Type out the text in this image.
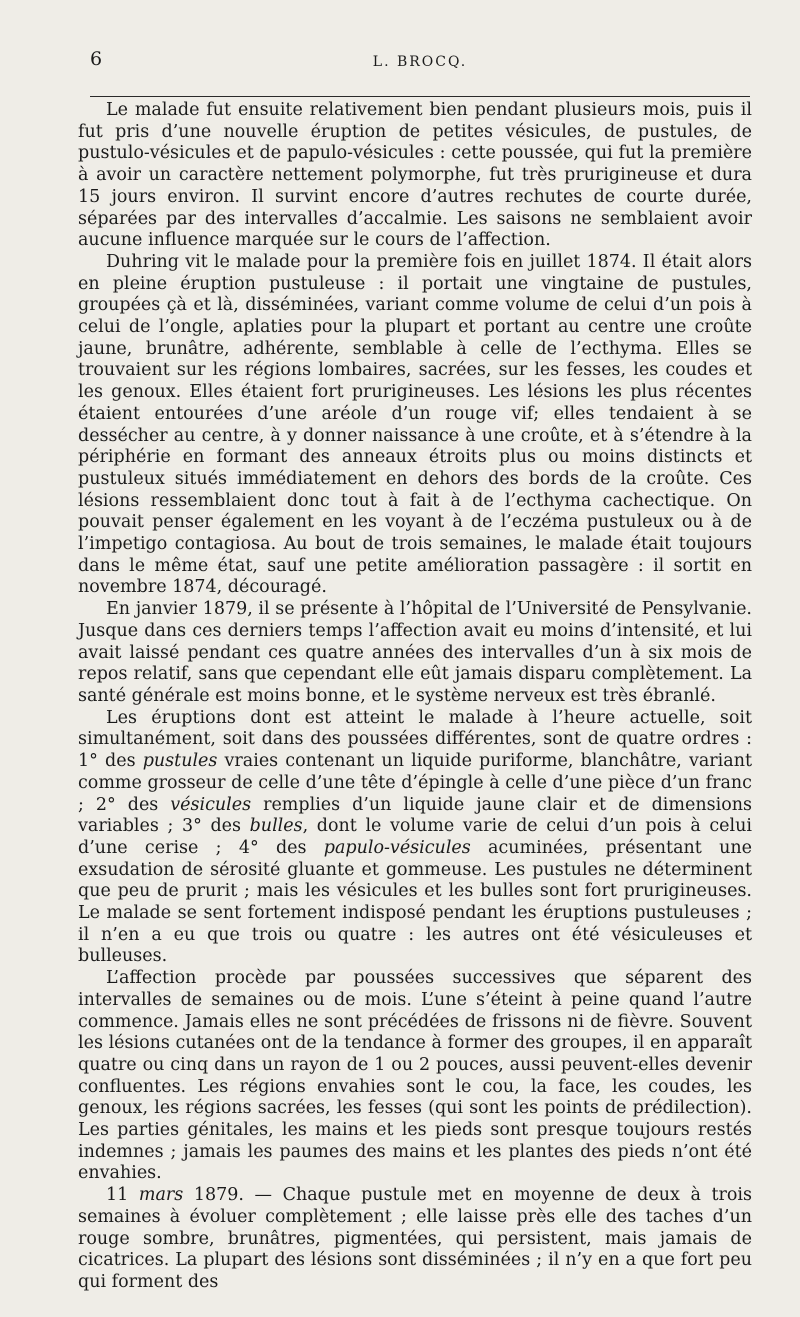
6	L. BROCQ.

Le malade fut ensuite relativement bien pendant plusieurs mois, puis il fut pris d’une nouvelle éruption de petites vésicules, de pustules, de pustulo-vésicules et de papulo-vésicules : cette poussée, qui fut la première à avoir un caractère nettement polymorphe, fut très prurigineuse et dura 15 jours environ. Il survint encore d’autres rechutes de courte durée, séparées par des intervalles d’accalmie. Les saisons ne semblaient avoir aucune influence marquée sur le cours de l’affection.

Duhring vit le malade pour la première fois en juillet 1874. Il était alors en pleine éruption pustuleuse : il portait une vingtaine de pustules, groupées çà et là, disséminées, variant comme volume de celui d’un pois à celui de l’ongle, aplaties pour la plupart et portant au centre une croûte jaune, brunâtre, adhérente, semblable à celle de l’ecthyma. Elles se trouvaient sur les régions lombaires, sacrées, sur les fesses, les coudes et les genoux. Elles étaient fort prurigineuses. Les lésions les plus récentes étaient entourées d’une aréole d’un rouge vif; elles tendaient à se dessécher au centre, à y donner naissance à une croûte, et à s’étendre à la périphérie en formant des anneaux étroits plus ou moins distincts et pustuleux situés immédiatement en dehors des bords de la croûte. Ces lésions ressemblaient donc tout à fait à de l’ecthyma cachectique. On pouvait penser également en les voyant à de l’eczéma pustuleux ou à de l’impetigo contagiosa. Au bout de trois semaines, le malade était toujours dans le même état, sauf une petite amélioration passagère : il sortit en novembre 1874, découragé.

En janvier 1879, il se présente à l’hôpital de l’Université de Pensylvanie. Jusque dans ces derniers temps l’affection avait eu moins d’intensité, et lui avait laissé pendant ces quatre années des intervalles d’un à six mois de repos relatif, sans que cependant elle eût jamais disparu complètement. La santé générale est moins bonne, et le système nerveux est très ébranlé.

Les éruptions dont est atteint le malade à l’heure actuelle, soit simultanément, soit dans des poussées différentes, sont de quatre ordres : 1° des pustules vraies contenant un liquide puriforme, blanchâtre, variant comme grosseur de celle d’une tête d’épingle à celle d’une pièce d’un franc ; 2° des vésicules remplies d’un liquide jaune clair et de dimensions variables ; 3° des bulles, dont le volume varie de celui d’un pois à celui d’une cerise ; 4° des papulo-vésicules acuminées, présentant une exsudation de sérosité gluante et gommeuse. Les pustules ne déterminent que peu de prurit ; mais les vésicules et les bulles sont fort prurigineuses. Le malade se sent fortement indisposé pendant les éruptions pustuleuses ; il n’en a eu que trois ou quatre : les autres ont été vésiculeuses et bulleuses.

L’affection procède par poussées successives que séparent des intervalles de semaines ou de mois. L’une s’éteint à peine quand l’autre commence. Jamais elles ne sont précédées de frissons ni de fièvre. Souvent les lésions cutanées ont de la tendance à former des groupes, il en apparaît quatre ou cinq dans un rayon de 1 ou 2 pouces, aussi peuvent-elles devenir confluentes. Les régions envahies sont le cou, la face, les coudes, les genoux, les régions sacrées, les fesses (qui sont les points de prédilection). Les parties génitales, les mains et les pieds sont presque toujours restés indemnes ; jamais les paumes des mains et les plantes des pieds n’ont été envahies.

11 mars 1879. — Chaque pustule met en moyenne de deux à trois semaines à évoluer complètement ; elle laisse près elle des taches d’un rouge sombre, brunâtres, pigmentées, qui persistent, mais jamais de cicatrices. La plupart des lésions sont disséminées ; il n’y en a que fort peu qui forment des
